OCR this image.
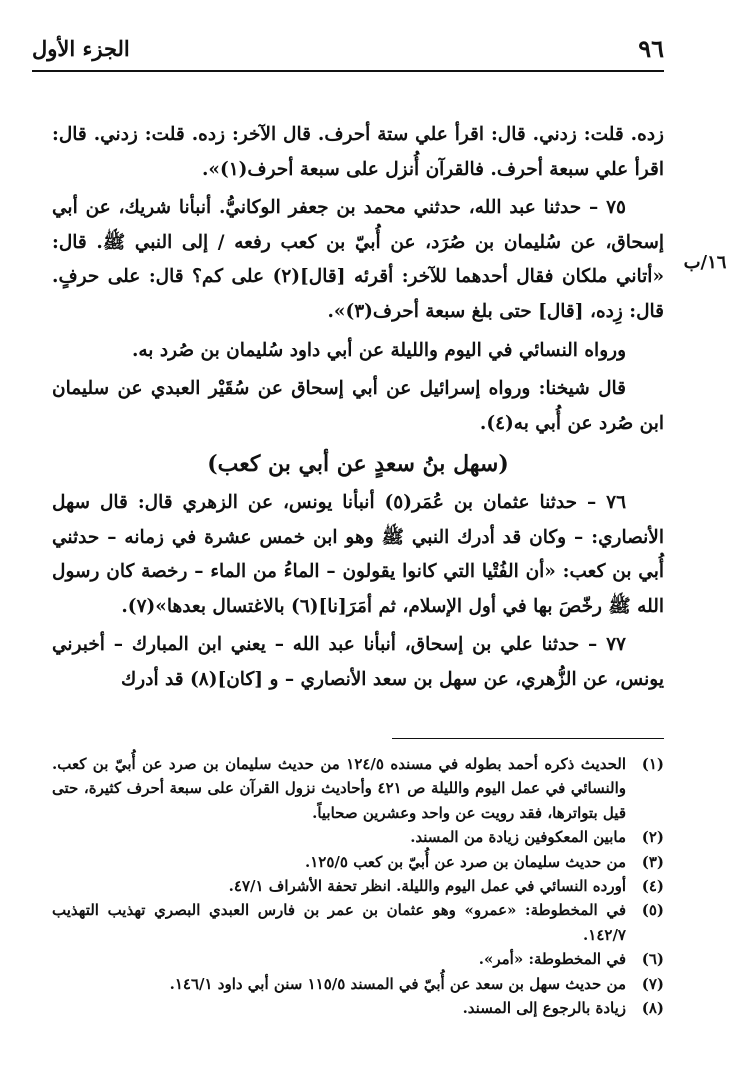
الجزء الأول	٩٦
١٦/ب

زده. قلت: زدني. قال: اقرأ علي ستة أحرف. قال الآخر: زده. قلت: زدني. قال: اقرأ علي سبعة أحرف. فالقرآن أُنزل على سبعة أحرف(١)».

٧٥ – حدثنا عبد الله، حدثني محمد بن جعفر الوكانيُّ. أنبأنا شريك، عن أبي إسحاق، عن سُليمان بن صُرَد، عن أُبيّ بن كعب رفعه / إلى النبي ﷺ. قال: «أتاني ملكان فقال أحدهما للآخر: أقرئه [قال](٢) على كم؟ قال: على حرفٍ. قال: زِده، [قال] حتى بلغ سبعة أحرف(٣)».

ورواه النسائي في اليوم والليلة عن أبي داود سُليمان بن صُرد به.

قال شيخنا: ورواه إسرائيل عن أبي إسحاق عن سُقَيْر العبدي عن سليمان ابن صُرد عن أُبي به(٤).

(سهل بنُ سعدٍ عن أبي بن كعب)

٧٦ – حدثنا عثمان بن عُمَر(٥) أنبأنا يونس، عن الزهري قال: قال سهل الأنصاري: – وكان قد أدرك النبي ﷺ وهو ابن خمس عشرة في زمانه – حدثني أُبي بن كعب: «أن الفُتْيا التي كانوا يقولون – الماءُ من الماء – رخصة كان رسول الله ﷺ رخّصَ بها في أول الإسلام، ثم أمَرَ[نا](٦) بالاغتسال بعدها»(٧).

٧٧ – حدثنا علي بن إسحاق، أنبأنا عبد الله – يعني ابن المبارك – أخبرني يونس، عن الزُّهري، عن سهل بن سعد الأنصاري – و [كان](٨) قد أدرك

(١)
الحديث ذكره أحمد بطوله في مسنده ١٢٤/٥ من حديث سليمان بن صرد عن أُبيّ بن كعب. والنسائي في عمل اليوم والليلة ص ٤٢١ وأحاديث نزول القرآن على سبعة أحرف كثيرة، حتى قيل بتواترها، فقد رويت عن واحد وعشرين صحابياً.
(٢)
مابين المعكوفين زيادة من المسند.
(٣)
من حديث سليمان بن صرد عن أُبيّ بن كعب ١٢٥/٥.
(٤)
أورده النسائي في عمل اليوم والليلة. انظر تحفة الأشراف ٤٧/١.
(٥)
في المخطوطة: «عمرو» وهو عثمان بن عمر بن فارس العبدي البصري تهذيب التهذيب ١٤٢/٧.
(٦)
في المخطوطة: «أمر».
(٧)
من حديث سهل بن سعد عن أُبيّ في المسند ١١٥/٥ سنن أبي داود ١٤٦/١.
(٨)
زيادة بالرجوع إلى المسند.
